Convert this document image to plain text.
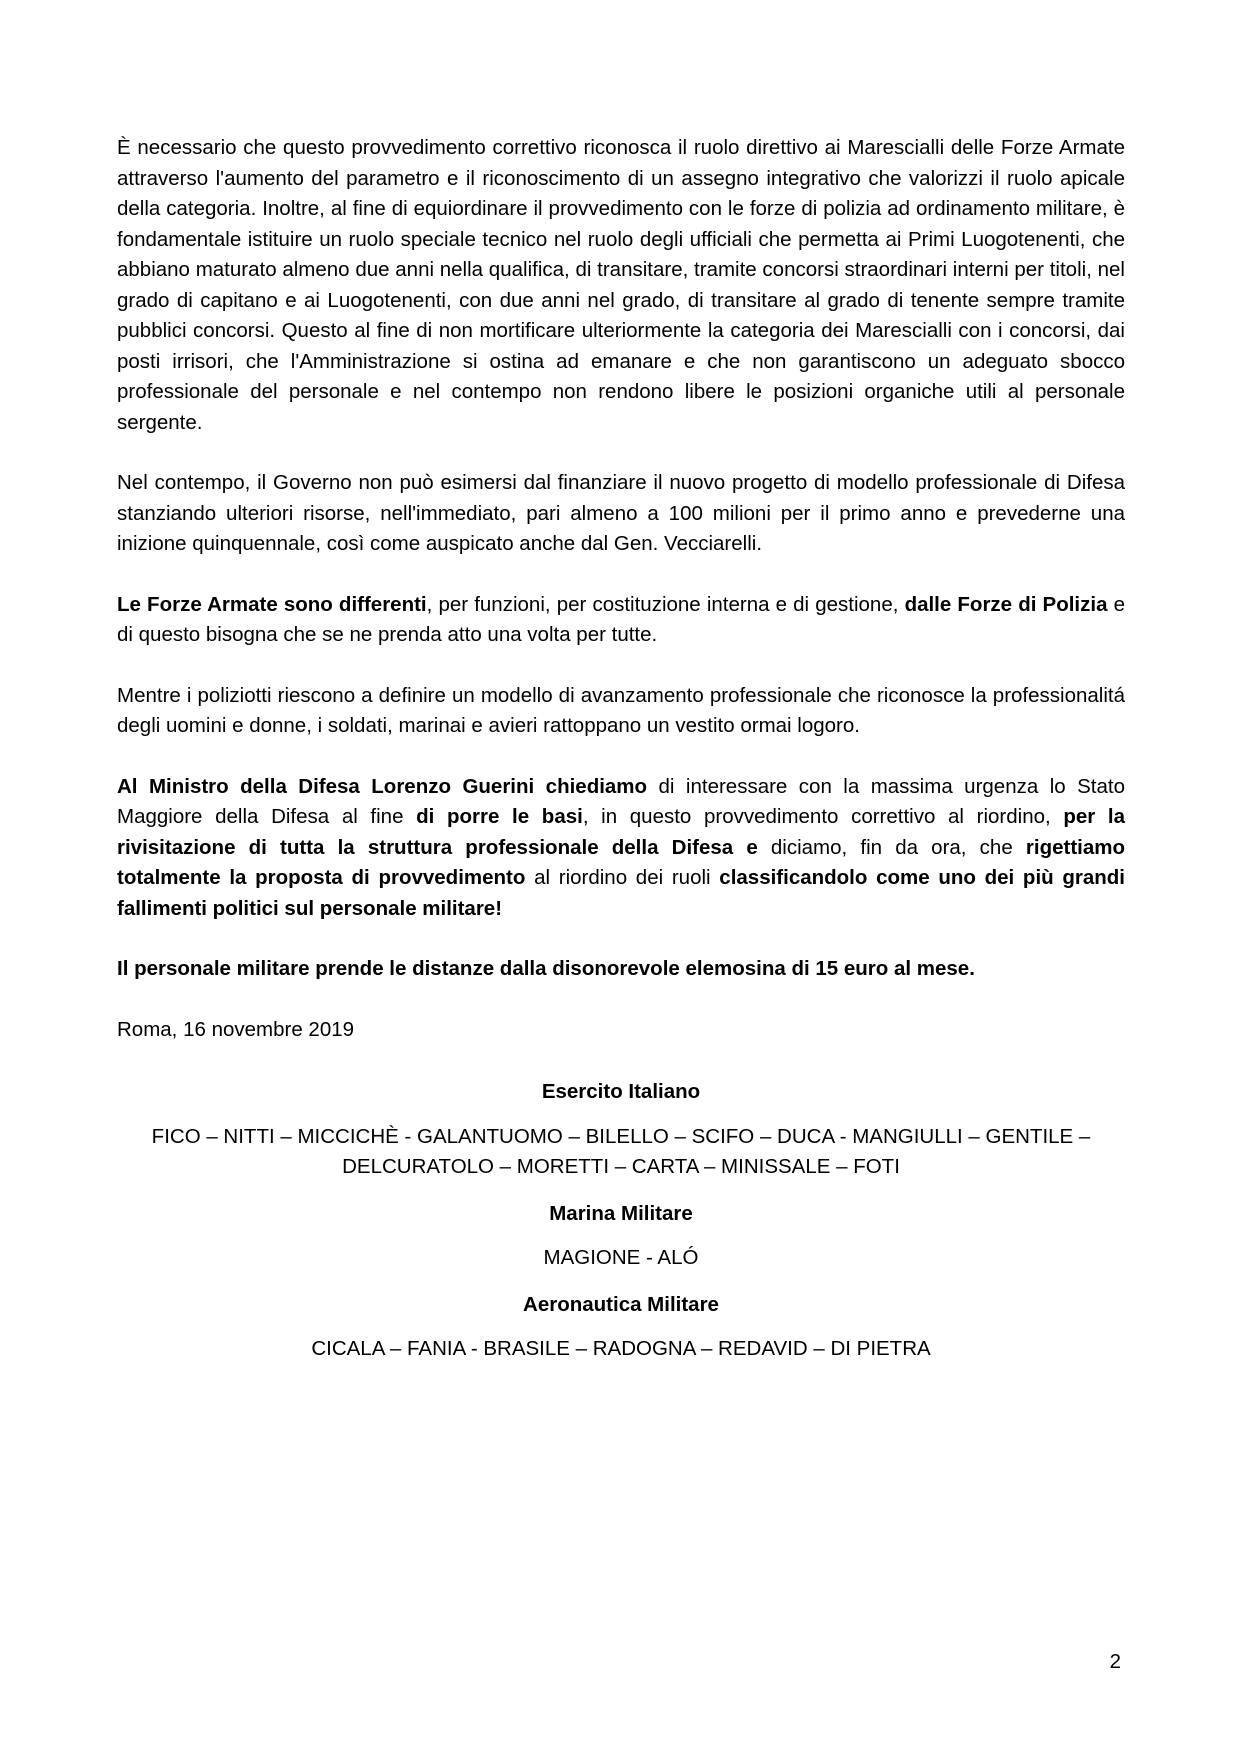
È necessario che questo provvedimento correttivo riconosca il ruolo direttivo ai Marescialli delle Forze Armate attraverso l'aumento del parametro e il riconoscimento di un assegno integrativo che valorizzi il ruolo apicale della categoria. Inoltre, al fine di equiordinare il provvedimento con le forze di polizia ad ordinamento militare, è fondamentale istituire un ruolo speciale tecnico nel ruolo degli ufficiali che permetta ai Primi Luogotenenti, che abbiano maturato almeno due anni nella qualifica, di transitare, tramite concorsi straordinari interni per titoli, nel grado di capitano e ai Luogotenenti, con due anni nel grado, di transitare al grado di tenente sempre tramite pubblici concorsi. Questo al fine di non mortificare ulteriormente la categoria dei Marescialli con i concorsi, dai posti irrisori, che l'Amministrazione si ostina ad emanare e che non garantiscono un adeguato sbocco professionale del personale e nel contempo non rendono libere le posizioni organiche utili al personale sergente.

Nel contempo, il Governo non può esimersi dal finanziare il nuovo progetto di modello professionale di Difesa stanziando ulteriori risorse, nell'immediato, pari almeno a 100 milioni per il primo anno e prevederne una inizione quinquennale, così come auspicato anche dal Gen. Vecciarelli.

Le Forze Armate sono differenti, per funzioni, per costituzione interna e di gestione, dalle Forze di Polizia e di questo bisogna che se ne prenda atto una volta per tutte.

Mentre i poliziotti riescono a definire un modello di avanzamento professionale che riconosce la professionalitá degli uomini e donne, i soldati, marinai e avieri rattoppano un vestito ormai logoro.

Al Ministro della Difesa Lorenzo Guerini chiediamo di interessare con la massima urgenza lo Stato Maggiore della Difesa al fine di porre le basi, in questo provvedimento correttivo al riordino, per la rivisitazione di tutta la struttura professionale della Difesa e diciamo, fin da ora, che rigettiamo totalmente la proposta di provvedimento al riordino dei ruoli classificandolo come uno dei più grandi fallimenti politici sul personale militare!

Il personale militare prende le distanze dalla disonorevole elemosina di 15 euro al mese.

Roma, 16 novembre 2019

Esercito Italiano

FICO – NITTI – MICCICHÈ - GALANTUOMO – BILELLO – SCIFO – DUCA - MANGIULLI – GENTILE – DELCURATOLO – MORETTI – CARTA – MINISSALE – FOTI

Marina Militare

MAGIONE - ALÓ

Aeronautica Militare

CICALA – FANIA - BRASILE – RADOGNA – REDAVID – DI PIETRA

2
